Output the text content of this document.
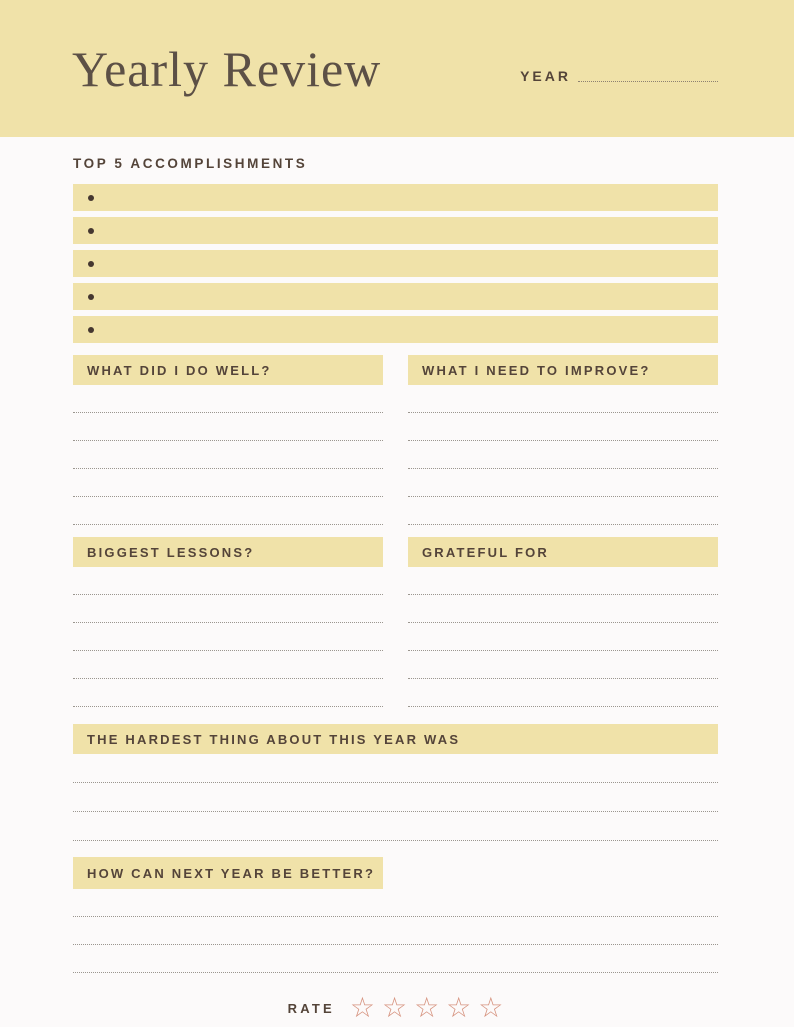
Yearly Review	YEAR
TOP 5 ACCOMPLISHMENTS
WHAT DID I DO WELL?	WHAT I NEED TO IMPROVE?
BIGGEST LESSONS?	GRATEFUL FOR
THE HARDEST THING ABOUT THIS YEAR WAS
HOW CAN NEXT YEAR BE BETTER?
RATE ☆ ☆ ☆ ☆ ☆
